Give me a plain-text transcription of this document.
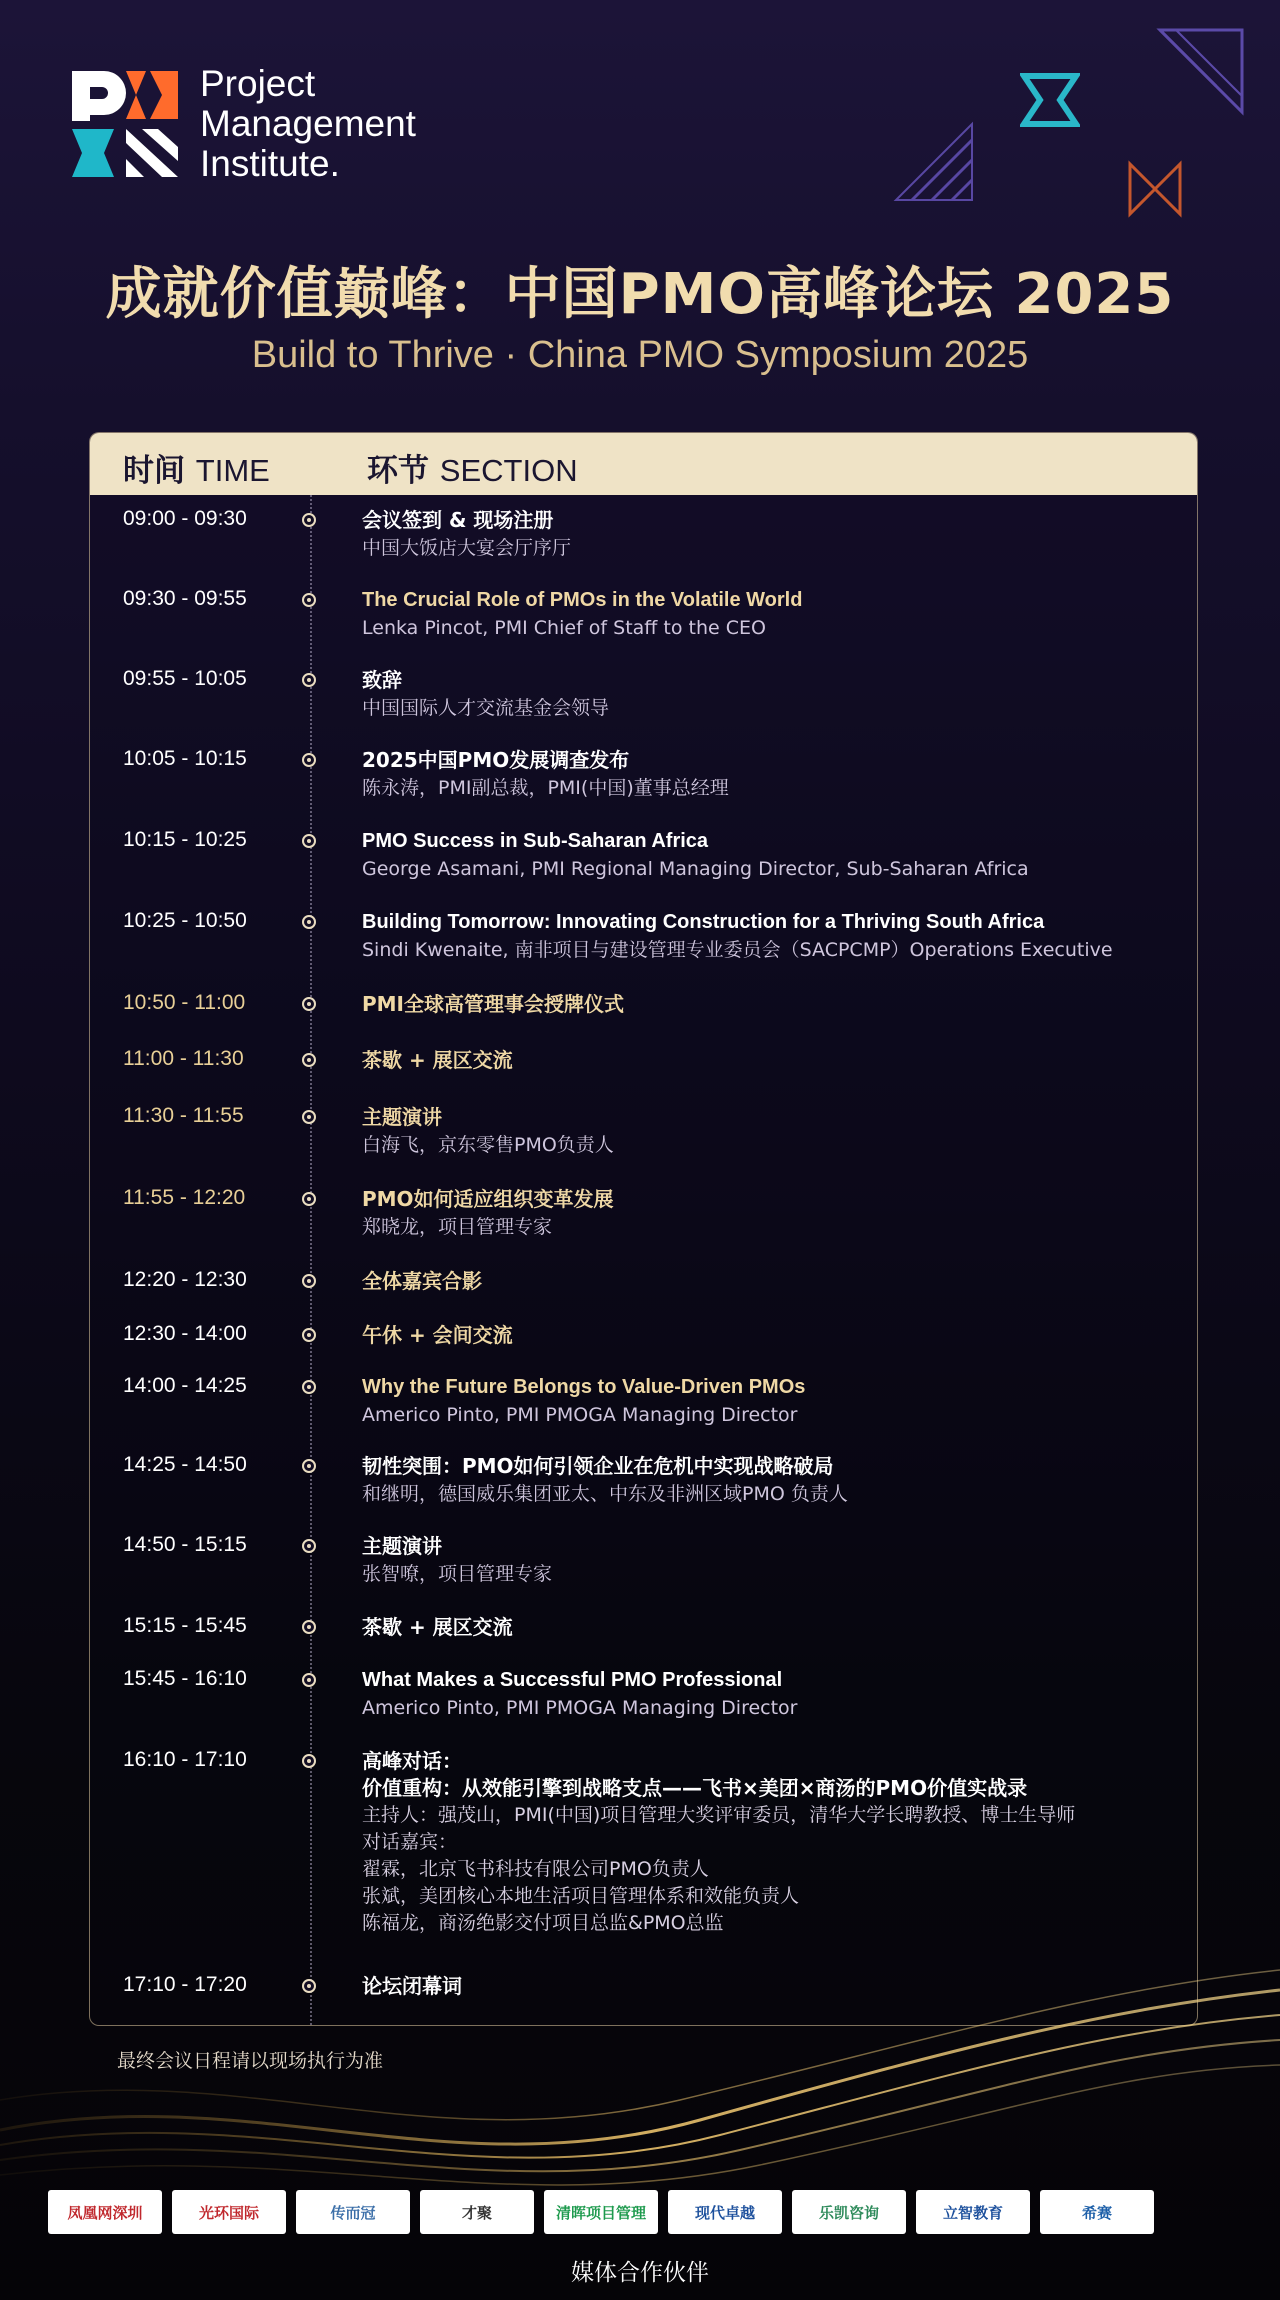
Project
Management
Institute.
成就价值巅峰：中国PMO高峰论坛 2025
Build to Thrive · China PMO Symposium 2025
时间 TIME	环节 SECTION
09:00 - 09:30	会议签到 & 现场注册
中国大饭店大宴会厅序厅
09:30 - 09:55	The Crucial Role of PMOs in the Volatile World
Lenka Pincot, PMI Chief of Staff to the CEO
09:55 - 10:05	致辞
中国国际人才交流基金会领导
10:05 - 10:15	2025中国PMO发展调查发布
陈永涛，PMI副总裁，PMI(中国)董事总经理
10:15 - 10:25	PMO Success in Sub-Saharan Africa
George Asamani, PMI Regional Managing Director, Sub-Saharan Africa
10:25 - 10:50	Building Tomorrow: Innovating Construction for a Thriving South Africa
Sindi Kwenaite, 南非项目与建设管理专业委员会（SACPCMP）Operations Executive
10:50 - 11:00	PMI全球高管理事会授牌仪式
11:00 - 11:30	茶歇 + 展区交流
11:30 - 11:55	主题演讲
白海飞，京东零售PMO负责人
11:55 - 12:20	PMO如何适应组织变革发展
郑晓龙，项目管理专家
12:20 - 12:30	全体嘉宾合影
12:30 - 14:00	午休 + 会间交流
14:00 - 14:25	Why the Future Belongs to Value-Driven PMOs
Americo Pinto, PMI PMOGA Managing Director
14:25 - 14:50	韧性突围：PMO如何引领企业在危机中实现战略破局
和继明，德国威乐集团亚太、中东及非洲区域PMO 负责人
14:50 - 15:15	主题演讲
张智嘹，项目管理专家
15:15 - 15:45	茶歇 + 展区交流
15:45 - 16:10	What Makes a Successful PMO Professional
Americo Pinto, PMI PMOGA Managing Director
16:10 - 17:10	高峰对话：
价值重构：从效能引擎到战略支点——飞书×美团×商汤的PMO价值实战录
主持人：强茂山，PMI(中国)项目管理大奖评审委员，清华大学长聘教授、博士生导师
对话嘉宾：
翟霖，北京飞书科技有限公司PMO负责人
张斌，美团核心本地生活项目管理体系和效能负责人
陈福龙，商汤绝影交付项目总监&PMO总监
17:10 - 17:20	论坛闭幕词
最终会议日程请以现场执行为准
凤凰网深圳	光环国际	传而冠	才聚	清晖项目管理	现代卓越	乐凯咨询	立智教育	希赛
媒体合作伙伴
